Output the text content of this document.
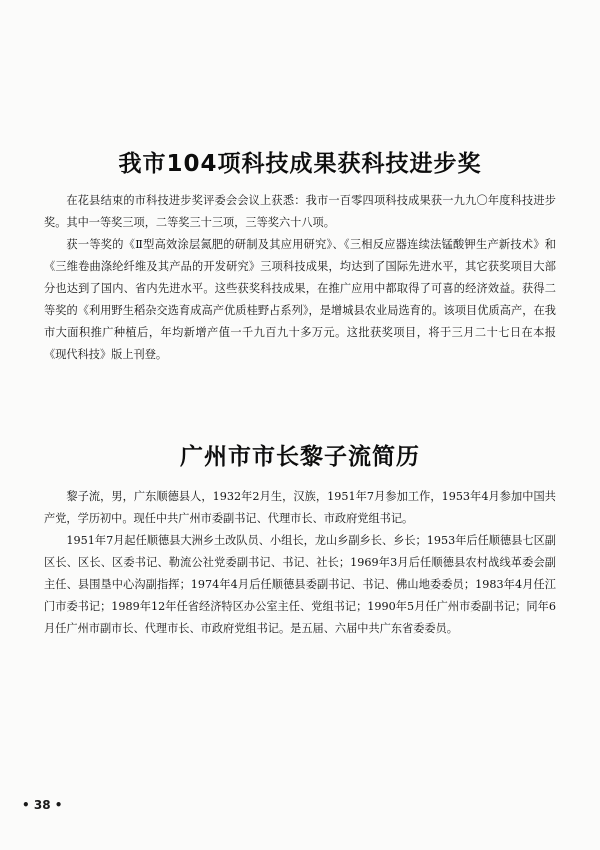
我市104项科技成果获科技进步奖

在花县结束的市科技进步奖评委会会议上获悉：我市一百零四项科技成果获一九九〇年度科技进步奖。其中一等奖三项，二等奖三十三项，三等奖六十八项。

获一等奖的《Ⅱ型高效涂层氮肥的研制及其应用研究》、《三相反应器连续法锰酸钾生产新技术》和《三维卷曲涤纶纤维及其产品的开发研究》三项科技成果，均达到了国际先进水平，其它获奖项目大部分也达到了国内、省内先进水平。这些获奖科技成果，在推广应用中都取得了可喜的经济效益。获得二等奖的《利用野生稻杂交选育成高产优质桂野占系列》，是增城县农业局选育的。该项目优质高产，在我市大面积推广种植后，年均新增产值一千九百九十多万元。这批获奖项目，将于三月二十七日在本报《现代科技》版上刊登。

广州市市长黎子流简历

黎子流，男，广东顺德县人，1932年2月生，汉族，1951年7月参加工作，1953年4月参加中国共产党，学历初中。现任中共广州市委副书记、代理市长、市政府党组书记。

1951年7月起任顺德县大洲乡土改队员、小组长，龙山乡副乡长、乡长；1953年后任顺德县七区副区长、区长、区委书记、勒流公社党委副书记、书记、社长；1969年3月后任顺德县农村战线革委会副主任、县围垦中心沟副指挥；1974年4月后任顺德县委副书记、书记、佛山地委委员；1983年4月任江门市委书记；1989年12年任省经济特区办公室主任、党组书记；1990年5月任广州市委副书记；同年6月任广州市副市长、代理市长、市政府党组书记。是五届、六届中共广东省委委员。

• 38 •
